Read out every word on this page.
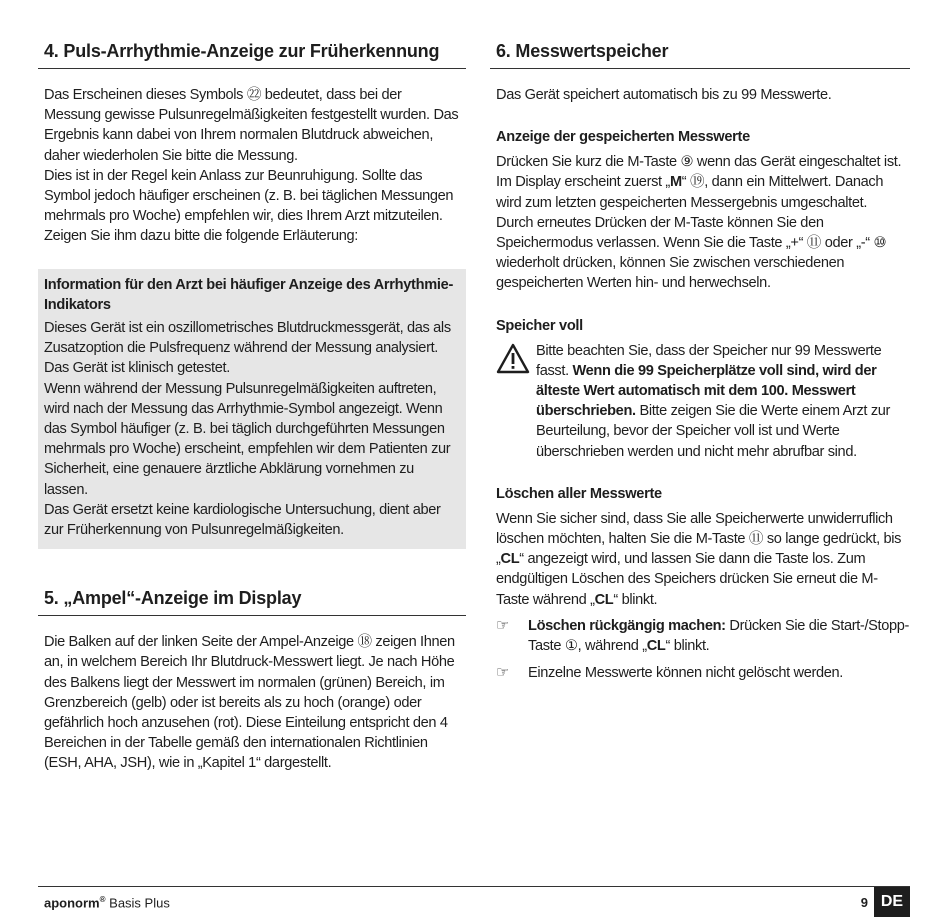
4. Puls-Arrhythmie-Anzeige zur Früherkennung

Das Erscheinen dieses Symbols ㉒ bedeutet, dass bei der Messung gewisse Pulsunregelmäßigkeiten festgestellt wurden. Das Ergebnis kann dabei von Ihrem normalen Blutdruck abweichen, daher wiederholen Sie bitte die Messung.

Dies ist in der Regel kein Anlass zur Beunruhigung. Sollte das Symbol jedoch häufiger erscheinen (z. B. bei täglichen Messungen mehrmals pro Woche) empfehlen wir, dies Ihrem Arzt mitzuteilen.

Zeigen Sie ihm dazu bitte die folgende Erläuterung:

Information für den Arzt bei häufiger Anzeige des Arrhythmie-Indikators

Dieses Gerät ist ein oszillometrisches Blutdruckmessgerät, das als Zusatzoption die Pulsfrequenz während der Messung analysiert. Das Gerät ist klinisch getestet.

Wenn während der Messung Pulsunregelmäßigkeiten auftreten, wird nach der Messung das Arrhythmie-Symbol angezeigt. Wenn das Symbol häufiger (z. B. bei täglich durchgeführten Messungen mehrmals pro Woche) erscheint, empfehlen wir dem Patienten zur Sicherheit, eine genauere ärztliche Abklärung vornehmen zu lassen.

Das Gerät ersetzt keine kardiologische Untersuchung, dient aber zur Früherkennung von Pulsunregelmäßigkeiten.

5. „Ampel“-Anzeige im Display

Die Balken auf der linken Seite der Ampel-Anzeige ⑱ zeigen Ihnen an, in welchem Bereich Ihr Blutdruck-Messwert liegt. Je nach Höhe des Balkens liegt der Messwert im normalen (grünen) Bereich, im Grenzbereich (gelb) oder ist bereits als zu hoch (orange) oder gefährlich hoch anzusehen (rot). Diese Einteilung entspricht den 4 Bereichen in der Tabelle gemäß den internationalen Richtlinien (ESH, AHA, JSH), wie in „Kapitel 1“ dargestellt.

6. Messwertspeicher

Das Gerät speichert automatisch bis zu 99 Messwerte.

Anzeige der gespeicherten Messwerte

Drücken Sie kurz die M-Taste ⑨ wenn das Gerät eingeschaltet ist. Im Display erscheint zuerst „M“ ⑲, dann ein Mittelwert. Danach wird zum letzten gespeicherten Messergebnis umgeschaltet.

Durch erneutes Drücken der M-Taste können Sie den Speichermodus verlassen. Wenn Sie die Taste „+“ ⑪ oder „-“ ⑩ wiederholt drücken, können Sie zwischen verschiedenen gespeicherten Werten hin- und herwechseln.

Speicher voll
Bitte beachten Sie, dass der Speicher nur 99 Messwerte fasst. Wenn die 99 Speicherplätze voll sind, wird der älteste Wert automatisch mit dem 100. Messwert überschrieben. Bitte zeigen Sie die Werte einem Arzt zur Beurteilung, bevor der Speicher voll ist und Werte überschrieben werden und nicht mehr abrufbar sind.
Löschen aller Messwerte

Wenn Sie sicher sind, dass Sie alle Speicherwerte unwiderruflich löschen möchten, halten Sie die M-Taste ⑪ so lange gedrückt, bis „CL“ angezeigt wird, und lassen Sie dann die Taste los. Zum endgültigen Löschen des Speichers drücken Sie erneut die M-Taste während „CL“ blinkt.

☞	Löschen rückgängig machen: Drücken Sie die Start-/Stopp-Taste ①, während „CL“ blinkt.
☞	Einzelne Messwerte können nicht gelöscht werden.
aponorm® Basis Plus	9 DE
